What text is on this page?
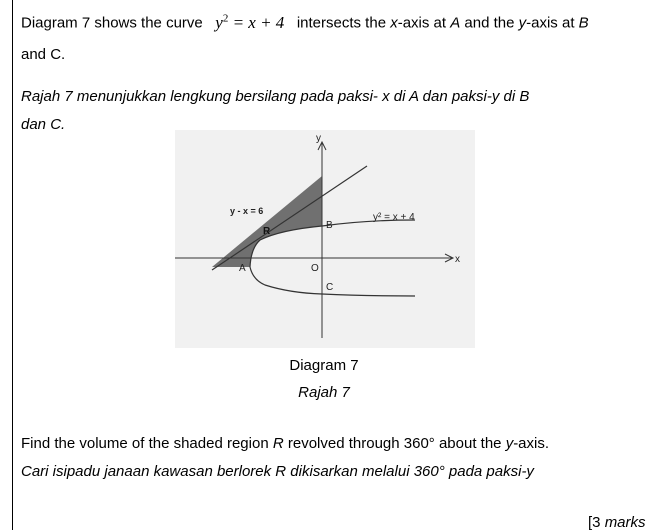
Diagram 7 shows the curve $y^2 = x + 4$ intersects the x-axis at A and the y-axis at B
and C.
Rajah 7 menunjukkan lengkung bersilang pada paksi- x di A dan paksi-y di B
dan C.
y
x
y - x = 6
y² = x + 4
R
A
B
C
O
Diagram 7
Rajah 7
Find the volume of the shaded region R revolved through 360° about the y-axis.
Cari isipadu janaan kawasan berlorek R dikisarkan melalui 360° pada paksi-y
[3 marks
